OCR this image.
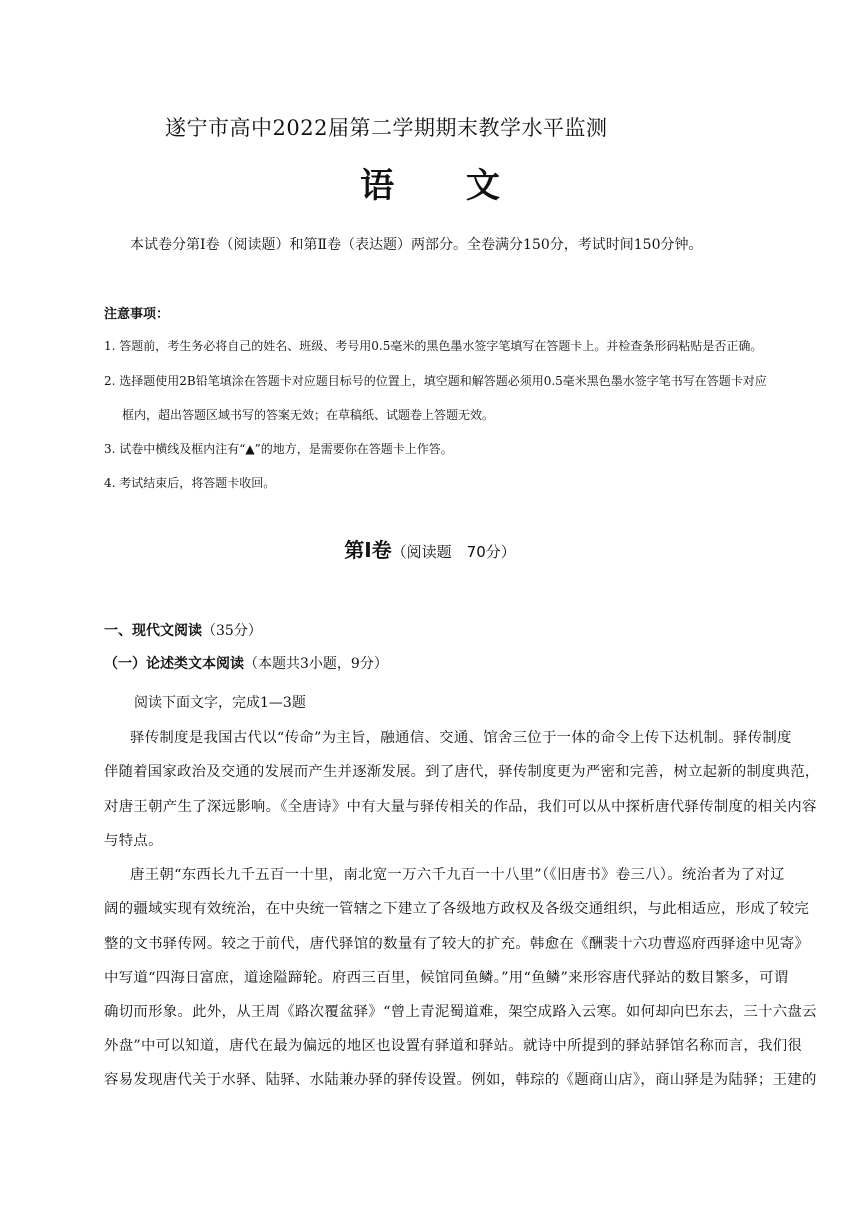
遂宁市高中2022届第二学期期末教学水平监测
语 文
本试卷分第Ⅰ卷（阅读题）和第Ⅱ卷（表达题）两部分。全卷满分150分，考试时间150分钟。
注意事项：
1. 答题前，考生务必将自己的姓名、班级、考号用0.5毫米的黑色墨水签字笔填写在答题卡上。并检查条形码粘贴是否正确。
2. 选择题使用2B铅笔填涂在答题卡对应题目标号的位置上，填空题和解答题必须用0.5毫米黑色墨水签字笔书写在答题卡对应
框内，超出答题区域书写的答案无效；在草稿纸、试题卷上答题无效。
3. 试卷中横线及框内注有“▲”的地方，是需要你在答题卡上作答。
4. 考试结束后，将答题卡收回。
第Ⅰ卷（阅读题　70分）
一、现代文阅读（35分）
（一）论述类文本阅读（本题共3小题，9分）
阅读下面文字，完成1—3题
驿传制度是我国古代以“传命”为主旨，融通信、交通、馆舍三位于一体的命令上传下达机制。驿传制度
伴随着国家政治及交通的发展而产生并逐渐发展。到了唐代，驿传制度更为严密和完善，树立起新的制度典范，
对唐王朝产生了深远影响。《全唐诗》中有大量与驿传相关的作品，我们可以从中探析唐代驿传制度的相关内容
与特点。
唐王朝“东西长九千五百一十里，南北宽一万六千九百一十八里”（《旧唐书》卷三八）。统治者为了对辽
阔的疆域实现有效统治，在中央统一管辖之下建立了各级地方政权及各级交通组织，与此相适应，形成了较完
整的文书驿传网。较之于前代，唐代驿馆的数量有了较大的扩充。韩愈在《酬裴十六功曹巡府西驿途中见寄》
中写道“四海日富庶，道途隘蹄轮。府西三百里，候馆同鱼鳞。”用“鱼鳞”来形容唐代驿站的数目繁多，可谓
确切而形象。此外，从王周《路次覆盆驿》“曾上青泥蜀道难，架空成路入云寒。如何却向巴东去，三十六盘云
外盘”中可以知道，唐代在最为偏远的地区也设置有驿道和驿站。就诗中所提到的驿站驿馆名称而言，我们很
容易发现唐代关于水驿、陆驿、水陆兼办驿的驿传设置。例如，韩琮的《题商山店》，商山驿是为陆驿；王建的
